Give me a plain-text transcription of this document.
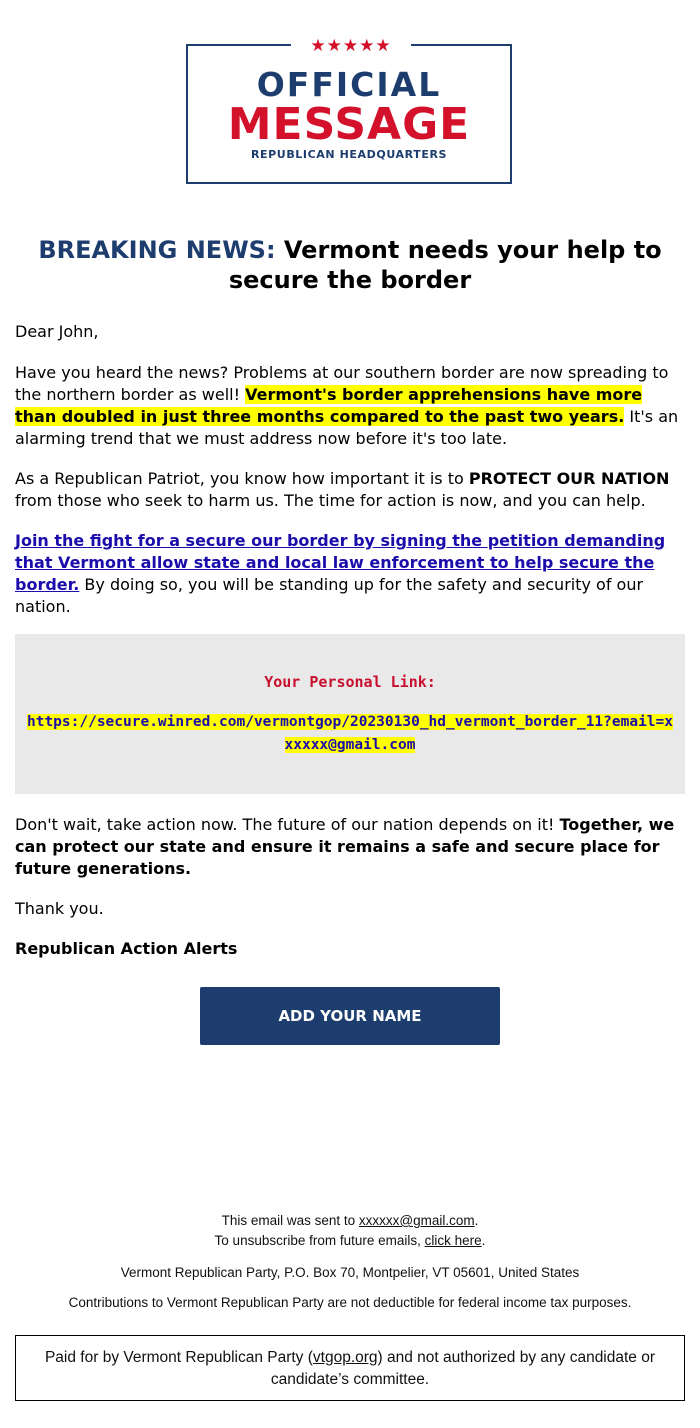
★★★★★
OFFICIAL
MESSAGE
REPUBLICAN HEADQUARTERS
BREAKING NEWS: Vermont needs your help to secure the border
Dear John,
Have you heard the news? Problems at our southern border are now spreading to the northern border as well! Vermont's border apprehensions have more than doubled in just three months compared to the past two years. It's an alarming trend that we must address now before it's too late.
As a Republican Patriot, you know how important it is to PROTECT OUR NATION from those who seek to harm us. The time for action is now, and you can help.
Join the fight for a secure our border by signing the petition demanding that Vermont allow state and local law enforcement to help secure the border. By doing so, you will be standing up for the safety and security of our nation.
Your Personal Link:
https://secure.winred.com/vermontgop/20230130_hd_vermont_border_11?email=xxxxxx@gmail.com
Don't wait, take action now. The future of our nation depends on it! Together, we can protect our state and ensure it remains a safe and secure place for future generations.
Thank you.
Republican Action Alerts
ADD YOUR NAME
This email was sent to xxxxxx@gmail.com.
To unsubscribe from future emails, click here.
Vermont Republican Party, P.O. Box 70, Montpelier, VT 05601, United States
Contributions to Vermont Republican Party are not deductible for federal income tax purposes.
Paid for by Vermont Republican Party (vtgop.org) and not authorized by any candidate or candidate’s committee.
